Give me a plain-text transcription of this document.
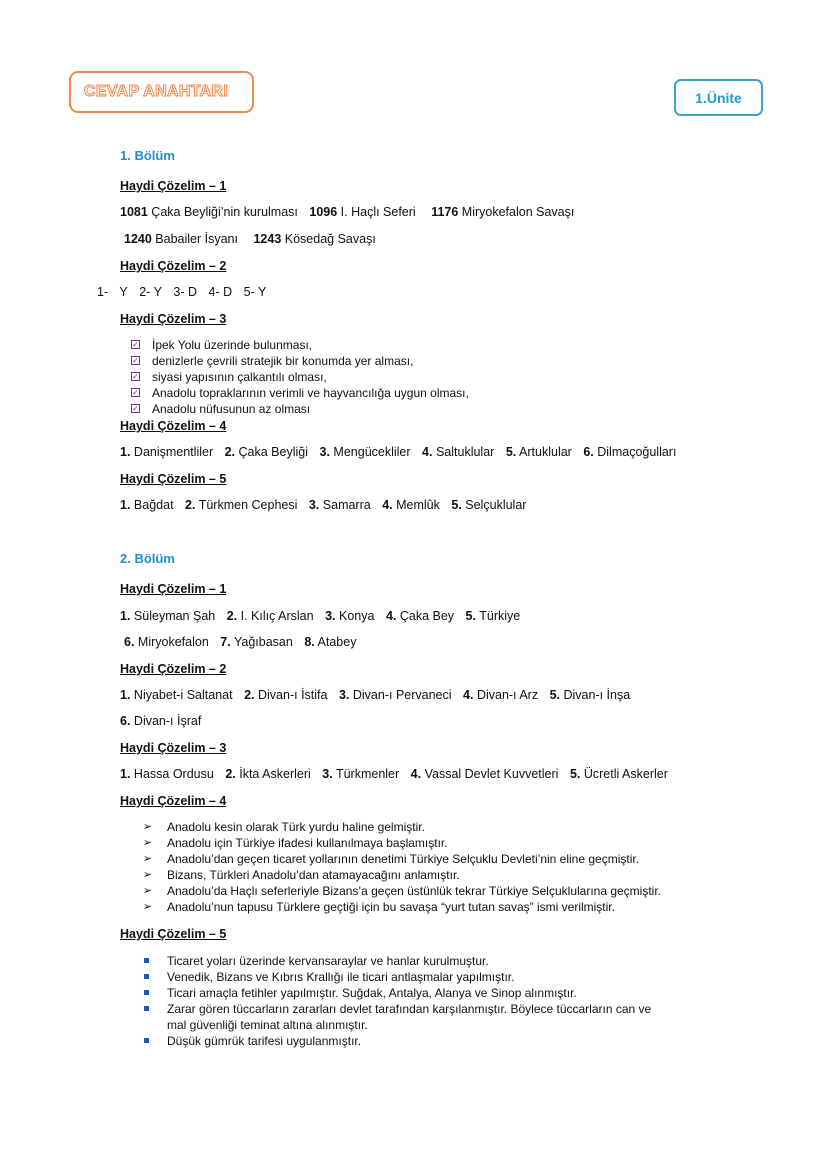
CEVAP ANAHTARI	1.Ünite
1. Bölüm
Haydi Çözelim – 1
1081 Çaka Beyliği’nin kurulması 1096 I. Haçlı Seferi 1176 Miryokefalon Savaşı
1240 Babailer İsyanı 1243 Kösedağ Savaşı
Haydi Çözelim – 2
1- Y 2- Y 3- D 4- D 5- Y
Haydi Çözelim – 3
✓ İpek Yolu üzerinde bulunması,
✓ denizlerle çevrili stratejik bir konumda yer alması,
✓ siyasi yapısının çalkantılı olması,
✓ Anadolu topraklarının verimli ve hayvancılığa uygun olması,
✓ Anadolu nüfusunun az olması
Haydi Çözelim – 4
1. Danişmentliler 2. Çaka Beyliği 3. Mengücekliler 4. Saltuklular 5. Artuklular 6. Dilmaçoğulları
Haydi Çözelim – 5
1. Bağdat 2. Türkmen Cephesi 3. Samarra 4. Memlûk 5. Selçuklular
2. Bölüm
Haydi Çözelim – 1
1. Süleyman Şah 2. I. Kılıç Arslan 3. Konya 4. Çaka Bey 5. Türkiye
6. Miryokefalon 7. Yağıbasan 8. Atabey
Haydi Çözelim – 2
1. Niyabet-i Saltanat 2. Divan-ı İstifa 3. Divan-ı Pervaneci 4. Divan-ı Arz 5. Divan-ı İnşa
6. Divan-ı İşraf
Haydi Çözelim – 3
1. Hassa Ordusu 2. İkta Askerleri 3. Türkmenler 4. Vassal Devlet Kuvvetleri 5. Ücretli Askerler
Haydi Çözelim – 4
➢ Anadolu kesin olarak Türk yurdu haline gelmiştir.
➢ Anadolu için Türkiye ifadesi kullanılmaya başlamıştır.
➢ Anadolu’dan geçen ticaret yollarının denetimi Türkiye Selçuklu Devleti’nin eline geçmiştir.
➢ Bizans, Türkleri Anadolu’dan atamayacağını anlamıştır.
➢ Anadolu’da Haçlı seferleriyle Bizans’a geçen üstünlük tekrar Türkiye Selçuklularına geçmiştir.
➢ Anadolu’nun tapusu Türklere geçtiği için bu savaşa “yurt tutan savaş” ismi verilmiştir.
Haydi Çözelim – 5
Ticaret yoları üzerinde kervansaraylar ve hanlar kurulmuştur.
Venedik, Bizans ve Kıbrıs Krallığı ile ticari antlaşmalar yapılmıştır.
Ticari amaçla fetihler yapılmıştır. Suğdak, Antalya, Alanya ve Sinop alınmıştır.
Zarar gören tüccarların zararları devlet tarafından karşılanmıştır. Böylece tüccarların can ve
mal güvenliği teminat altına alınmıştır.
Düşük gümrük tarifesi uygulanmıştır.
